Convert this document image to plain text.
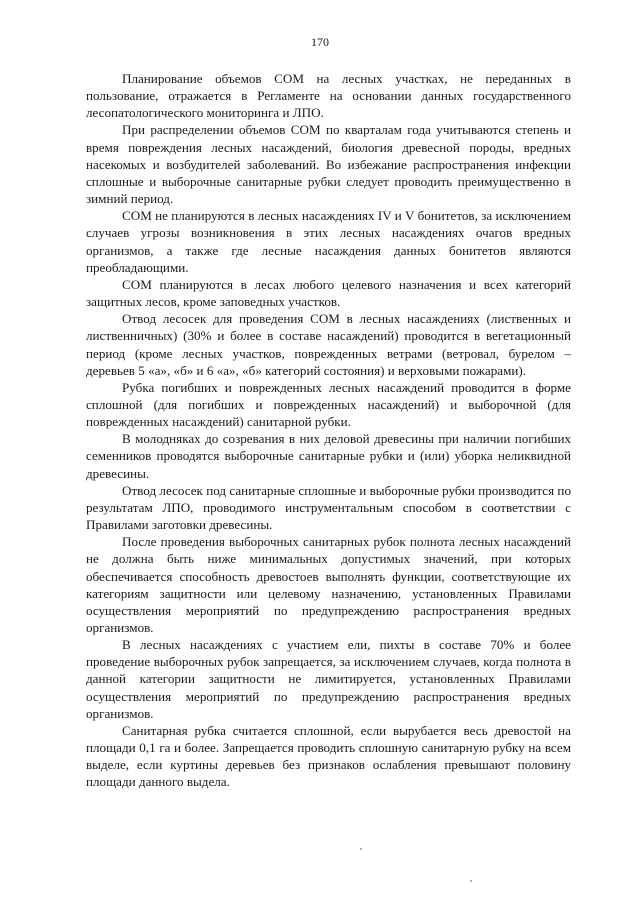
170

Планирование объемов СОМ на лесных участках, не переданных в пользование, отражается в Регламенте на основании данных государственного лесопатологического мониторинга и ЛПО.

При распределении объемов СОМ по кварталам года учитываются степень и время повреждения лесных насаждений, биология древесной породы, вредных насекомых и возбудителей заболеваний. Во избежание распространения инфекции сплошные и выборочные санитарные рубки следует проводить преимущественно в зимний период.

СОМ не планируются в лесных насаждениях IV и V бонитетов, за исключением случаев угрозы возникновения в этих лесных насаждениях очагов вредных организмов, а также где лесные насаждения данных бонитетов являются преобладающими.

СОМ планируются в лесах любого целевого назначения и всех категорий защитных лесов, кроме заповедных участков.

Отвод лесосек для проведения СОМ в лесных насаждениях (лиственных и лиственничных) (30% и более в составе насаждений) проводится в вегетационный период (кроме лесных участков, поврежденных ветрами (ветровал, бурелом – деревьев 5 «а», «б» и 6 «а», «б» категорий состояния) и верховыми пожарами).

Рубка погибших и поврежденных лесных насаждений проводится в форме сплошной (для погибших и поврежденных насаждений) и выборочной (для поврежденных насаждений) санитарной рубки.

В молодняках до созревания в них деловой древесины при наличии погибших семенников проводятся выборочные санитарные рубки и (или) уборка неликвидной древесины.

Отвод лесосек под санитарные сплошные и выборочные рубки производится по результатам ЛПО, проводимого инструментальным способом в соответствии с Правилами заготовки древесины.

После проведения выборочных санитарных рубок полнота лесных насаждений не должна быть ниже минимальных допустимых значений, при которых обеспечивается способность древостоев выполнять функции, соответствующие их категориям защитности или целевому назначению, установленных Правилами осуществления мероприятий по предупреждению распространения вредных организмов.

В лесных насаждениях с участием ели, пихты в составе 70% и более проведение выборочных рубок запрещается, за исключением случаев, когда полнота в данной категории защитности не лимитируется, установленных Правилами осуществления мероприятий по предупреждению распространения вредных организмов.

Санитарная рубка считается сплошной, если вырубается весь древостой на площади 0,1 га и более. Запрещается проводить сплошную санитарную рубку на всем выделе, если куртины деревьев без признаков ослабления превышают половину площади данного выдела.
